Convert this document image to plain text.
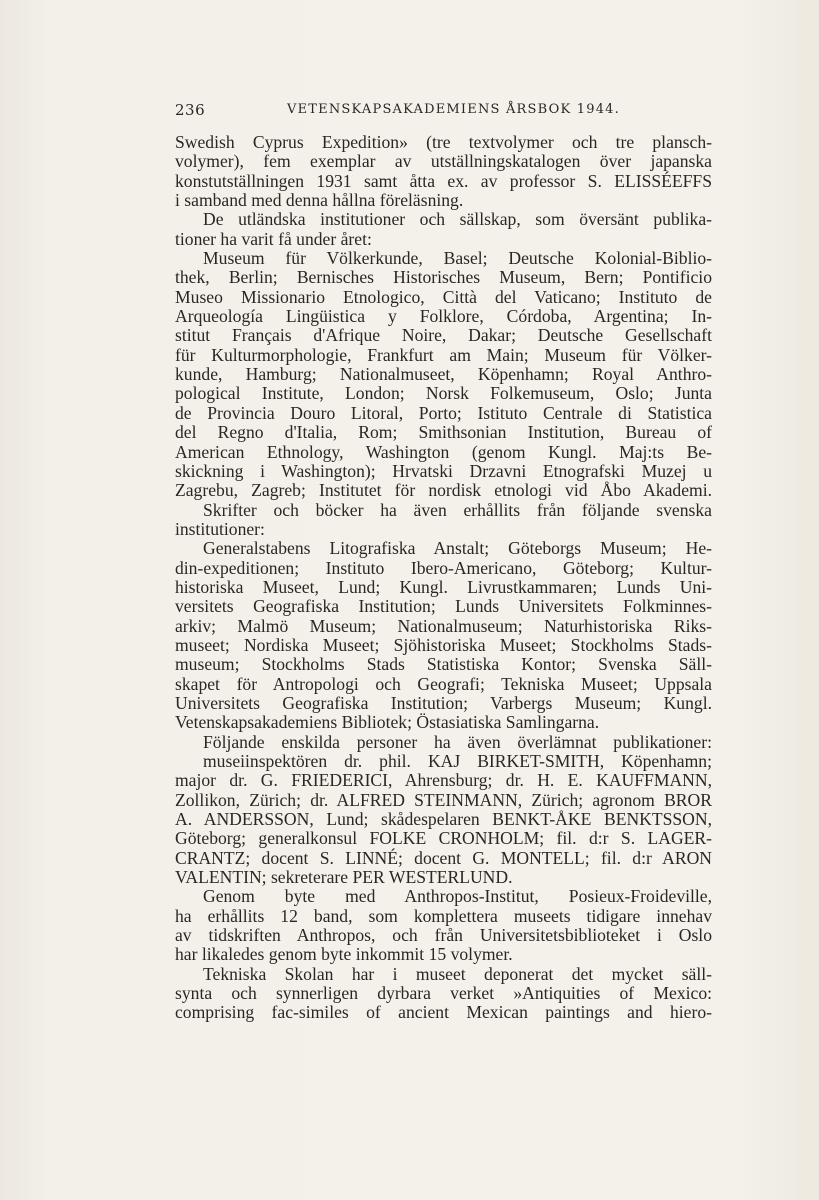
236	VETENSKAPSAKADEMIENS ÅRSBOK 1944.
Swedish Cyprus Expedition» (tre textvolymer och tre plansch-
volymer), fem exemplar av utställningskatalogen över japanska
konstutställningen 1931 samt åtta ex. av professor S. ELISSÉEFFS
i samband med denna hållna föreläsning.
De utländska institutioner och sällskap, som översänt publika-
tioner ha varit få under året:
Museum für Völkerkunde, Basel; Deutsche Kolonial-Biblio-
thek, Berlin; Bernisches Historisches Museum, Bern; Pontificio
Museo Missionario Etnologico, Città del Vaticano; Instituto de
Arqueología Lingüistica y Folklore, Córdoba, Argentina; In-
stitut Français d'Afrique Noire, Dakar; Deutsche Gesellschaft
für Kulturmorphologie, Frankfurt am Main; Museum für Völker-
kunde, Hamburg; Nationalmuseet, Köpenhamn; Royal Anthro-
pological Institute, London; Norsk Folkemuseum, Oslo; Junta
de Provincia Douro Litoral, Porto; Istituto Centrale di Statistica
del Regno d'Italia, Rom; Smithsonian Institution, Bureau of
American Ethnology, Washington (genom Kungl. Maj:ts Be-
skickning i Washington); Hrvatski Drzavni Etnografski Muzej u
Zagrebu, Zagreb; Institutet för nordisk etnologi vid Åbo Akademi.
Skrifter och böcker ha även erhållits från följande svenska
institutioner:
Generalstabens Litografiska Anstalt; Göteborgs Museum; He-
din-expeditionen; Instituto Ibero-Americano, Göteborg; Kultur-
historiska Museet, Lund; Kungl. Livrustkammaren; Lunds Uni-
versitets Geografiska Institution; Lunds Universitets Folkminnes-
arkiv; Malmö Museum; Nationalmuseum; Naturhistoriska Riks-
museet; Nordiska Museet; Sjöhistoriska Museet; Stockholms Stads-
museum; Stockholms Stads Statistiska Kontor; Svenska Säll-
skapet för Antropologi och Geografi; Tekniska Museet; Uppsala
Universitets Geografiska Institution; Varbergs Museum; Kungl.
Vetenskapsakademiens Bibliotek; Östasiatiska Samlingarna.
Följande enskilda personer ha även överlämnat publikationer:
museiinspektören dr. phil. KAJ BIRKET-SMITH, Köpenhamn;
major dr. G. FRIEDERICI, Ahrensburg; dr. H. E. KAUFFMANN,
Zollikon, Zürich; dr. ALFRED STEINMANN, Zürich; agronom BROR
A. ANDERSSON, Lund; skådespelaren BENKT-ÅKE BENKTSSON,
Göteborg; generalkonsul FOLKE CRONHOLM; fil. d:r S. LAGER-
CRANTZ; docent S. LINNÉ; docent G. MONTELL; fil. d:r ARON
VALENTIN; sekreterare PER WESTERLUND.
Genom byte med Anthropos-Institut, Posieux-Froideville,
ha erhållits 12 band, som komplettera museets tidigare innehav
av tidskriften Anthropos, och från Universitetsbiblioteket i Oslo
har likaledes genom byte inkommit 15 volymer.
Tekniska Skolan har i museet deponerat det mycket säll-
synta och synnerligen dyrbara verket »Antiquities of Mexico:
comprising fac-similes of ancient Mexican paintings and hiero-
